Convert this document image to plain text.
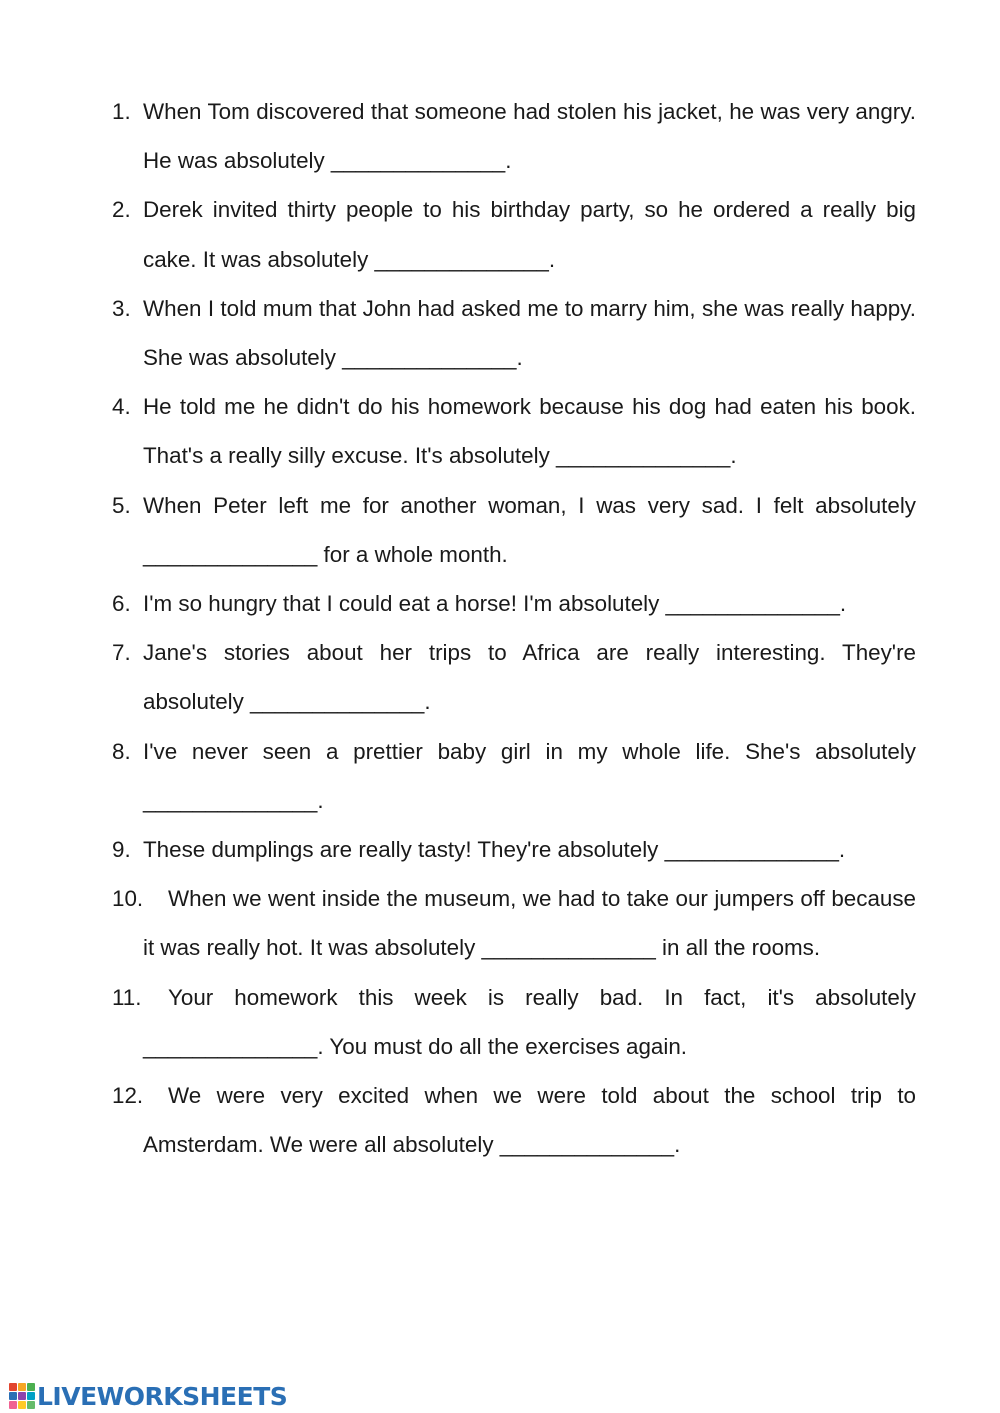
1. When Tom discovered that someone had stolen his jacket, he was very angry. He was absolutely ______________.
2. Derek invited thirty people to his birthday party, so he ordered a really big cake. It was absolutely ______________.
3. When I told mum that John had asked me to marry him, she was really happy. She was absolutely ______________.
4. He told me he didn't do his homework because his dog had eaten his book. That's a really silly excuse. It's absolutely ______________.
5. When Peter left me for another woman, I was very sad. I felt absolutely ______________ for a whole month.
6. I'm so hungry that I could eat a horse! I'm absolutely ______________.
7. Jane's stories about her trips to Africa are really interesting. They're absolutely ______________.
8. I've never seen a prettier baby girl in my whole life. She's absolutely ______________.
9. These dumplings are really tasty! They're absolutely ______________.
10.	When we went inside the museum, we had to take our jumpers off because it was really hot. It was absolutely ______________ in all the rooms.
11.	Your homework this week is really bad. In fact, it's absolutely ______________. You must do all the exercises again.
12.	We were very excited when we were told about the school trip to Amsterdam. We were all absolutely ______________.
LIVEWORKSHEETS
